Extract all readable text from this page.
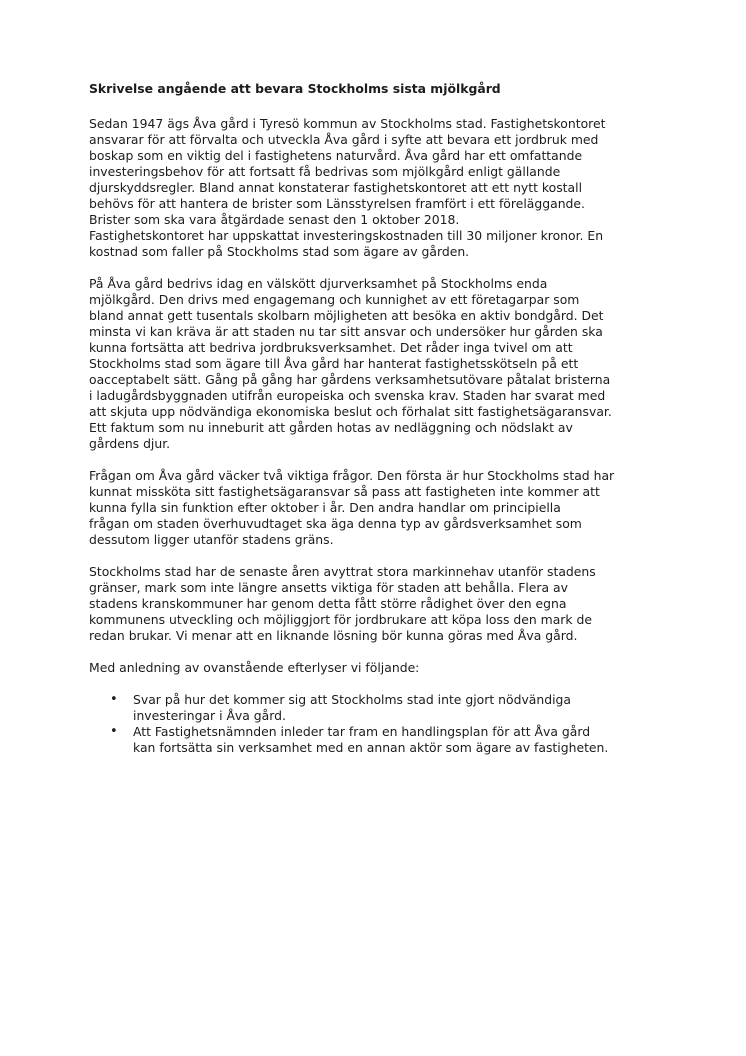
Skrivelse angående att bevara Stockholms sista mjölkgård

Sedan 1947 ägs Åva gård i Tyresö kommun av Stockholms stad. Fastighetskontoret
ansvarar för att förvalta och utveckla Åva gård i syfte att bevara ett jordbruk med
boskap som en viktig del i fastighetens naturvård. Åva gård har ett omfattande
investeringsbehov för att fortsatt få bedrivas som mjölkgård enligt gällande
djurskyddsregler. Bland annat konstaterar fastighetskontoret att ett nytt kostall
behövs för att hantera de brister som Länsstyrelsen framfört i ett föreläggande.
Brister som ska vara åtgärdade senast den 1 oktober 2018.
Fastighetskontoret har uppskattat investeringskostnaden till 30 miljoner kronor. En
kostnad som faller på Stockholms stad som ägare av gården.

På Åva gård bedrivs idag en välskött djurverksamhet på Stockholms enda
mjölkgård. Den drivs med engagemang och kunnighet av ett företagarpar som
bland annat gett tusentals skolbarn möjligheten att besöka en aktiv bondgård. Det
minsta vi kan kräva är att staden nu tar sitt ansvar och undersöker hur gården ska
kunna fortsätta att bedriva jordbruksverksamhet. Det råder inga tvivel om att
Stockholms stad som ägare till Åva gård har hanterat fastighetsskötseln på ett
oacceptabelt sätt. Gång på gång har gårdens verksamhetsutövare påtalat bristerna
i ladugårdsbyggnaden utifrån europeiska och svenska krav. Staden har svarat med
att skjuta upp nödvändiga ekonomiska beslut och förhalat sitt fastighetsägaransvar.
Ett faktum som nu inneburit att gården hotas av nedläggning och nödslakt av
gårdens djur.

Frågan om Åva gård väcker två viktiga frågor. Den första är hur Stockholms stad har
kunnat missköta sitt fastighetsägaransvar så pass att fastigheten inte kommer att
kunna fylla sin funktion efter oktober i år. Den andra handlar om principiella
frågan om staden överhuvudtaget ska äga denna typ av gårdsverksamhet som
dessutom ligger utanför stadens gräns.

Stockholms stad har de senaste åren avyttrat stora markinnehav utanför stadens
gränser, mark som inte längre ansetts viktiga för staden att behålla. Flera av
stadens kranskommuner har genom detta fått större rådighet över den egna
kommunens utveckling och möjliggjort för jordbrukare att köpa loss den mark de
redan brukar. Vi menar att en liknande lösning bör kunna göras med Åva gård.

Med anledning av ovanstående efterlyser vi följande:

• Svar på hur det kommer sig att Stockholms stad inte gjort nödvändiga
investeringar i Åva gård.
• Att Fastighetsnämnden inleder tar fram en handlingsplan för att Åva gård
kan fortsätta sin verksamhet med en annan aktör som ägare av fastigheten.
